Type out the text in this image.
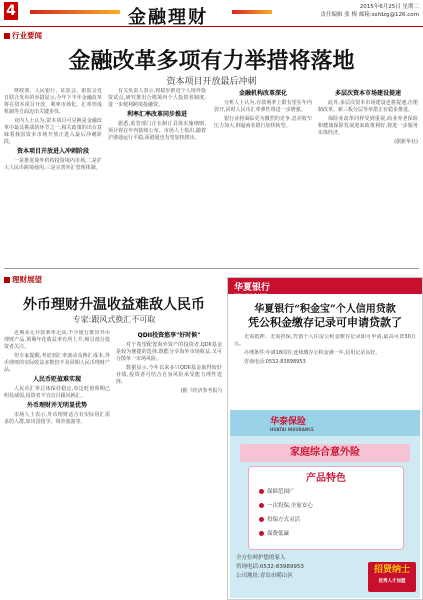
4	金融理财	2015年6月25日 星期二
责任编辑 张 梅 邮箱:sxfdzg@126.com
行业要闻
金融改革多项有力举措将落地
资本项目开放最后冲刺

财政部、人民银行、证监会、银监会近日联合发布的举措显示,今年下半年金融改革将在资本项目开放、利率市场化、汇率形成机制等方面迈出关键步伐。

业内人士认为,资本项目可兑换是金融改革中最具挑战的环节之一,相关政策的出台意味着我国资本市场开放正进入最后冲刺阶段。

资本项目开放进入冲刺阶段

一是推进境外机构投资境内市场,二是扩大人民币跨境使用,三是完善外汇管理体制。

有关负责人表示,将稳步推进个人境外投资试点,研究推出合格境内个人投资者制度,进一步便利跨境投融资。

利率汇率改革同步推进

据悉,监管部门正在制订具体实施细则,预计将在年内陆续公布。市场人士指出,随着沪港通运行平稳,深港通也有望加快推出。

金融机构改革深化

分析人士认为,存款利率上限有望在年内放开,同时人民币汇率弹性将进一步增强。

银行业将面临更为激烈的竞争,息差收窄压力加大,倒逼商业银行加快转型。

多层次资本市场建设提速

此外,多层次资本市场建设也将提速,注册制改革、新三板分层等举措正在稳步推进。

保险业改革同样受到重视,商业养老保险和健康保险发展迎来政策利好,将进一步服务实体经济。

(据新华社)

理财展望
外币理财升温收益难敌人民币
专家:跟风式换汇不可取

近期美元存款利率走高,不少银行推出外币理财产品,预期年化收益率有所上升,吸引部分投资者关注。

但专家提醒,考虑到汇率波动及换汇成本,外币理财的实际收益多数仍不及同期人民币理财产品。

人民币贬值难实现

人民币汇率总体保持稳定,单边贬值预期已明显减弱,投资者不宜盲目跟风换汇。

外币理财并无明显优势

市场人士表示,外币理财适合有实际用汇需求的人群,如出国留学、境外旅游等。

QDII投资悠享"好时候"

对于希望配置海外资产的投资者,QDII基金是较为便捷的选择,既能分享海外市场收益,又可分散单一市场风险。

数据显示,今年以来多只QDII基金取得较好业绩,投资者可结合自身风险承受能力理性选择。

(据《经济参考报》)

华夏银行
HUA XIA BANK
华夏银行“积金宝”个人信用贷款
凭公积金缴存记录可申请贷款了

无需抵押、无需担保,凭借个人住房公积金缴存记录即可申请,最高可贷30万元。

办理条件:年满18周岁,连续缴存公积金满一年,信用记录良好。

咨询电话:0532-83898953

华泰保险
HUATAI INSURANCE
家庭综合意外险
产品特色
保障范围广
一次投保,全家安心
投保方式灵活
保费低廉
全方位呵护您的家人
咨询电话:0532-83989953
公司地址:青岛市崂山区
招贤纳士
优秀人才加盟
